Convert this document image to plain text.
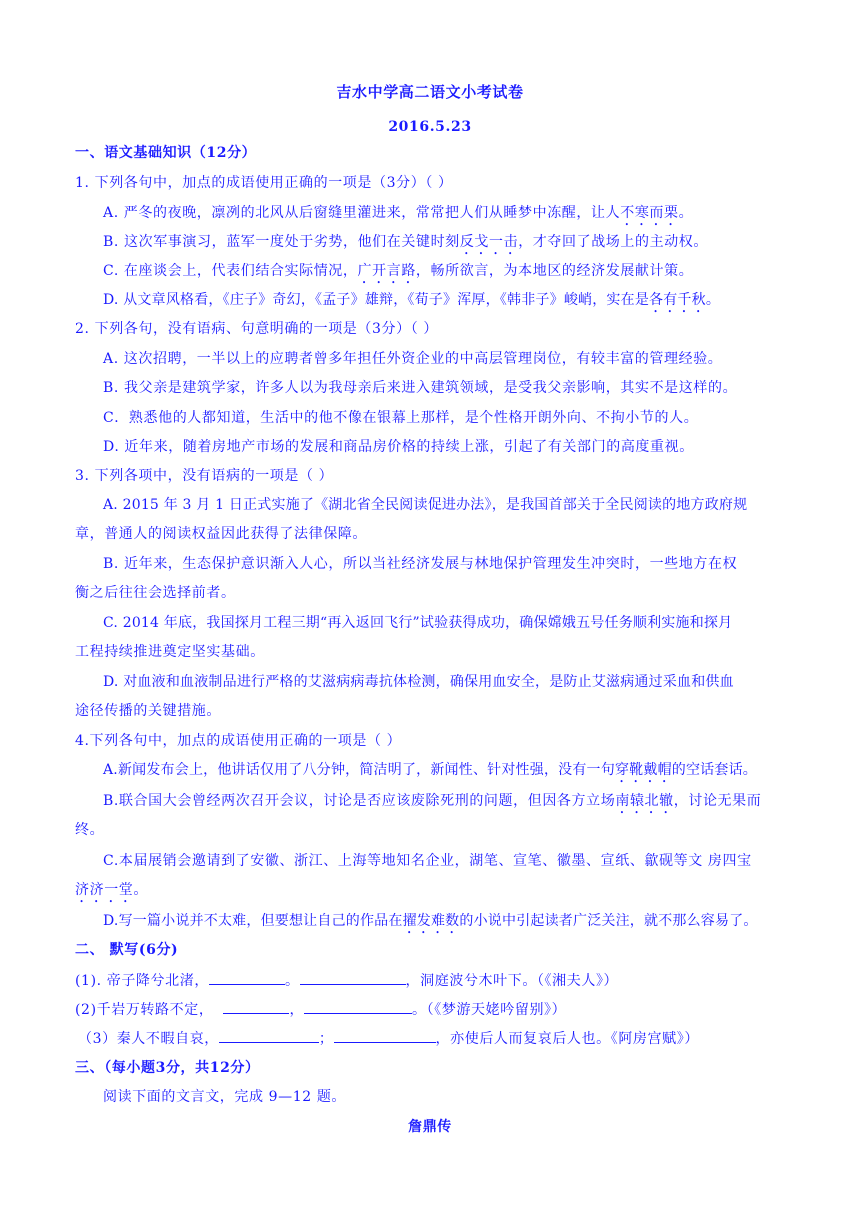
吉水中学高二语文小考试卷
2016.5.23
一、语文基础知识（12分）
1. 下列各句中，加点的成语使用正确的一项是（3分）（ ）
A. 严冬的夜晚，凛冽的北风从后窗缝里灌进来，常常把人们从睡梦中冻醒，让人不寒而栗。
B. 这次军事演习，蓝军一度处于劣势，他们在关键时刻反戈一击，才夺回了战场上的主动权。
C. 在座谈会上，代表们结合实际情况，广开言路，畅所欲言，为本地区的经济发展献计策。
D. 从文章风格看，《庄子》奇幻，《孟子》雄辩，《荀子》浑厚，《韩非子》峻峭，实在是各有千秋。
2. 下列各句，没有语病、句意明确的一项是（3分）（ ）
A. 这次招聘，一半以上的应聘者曾多年担任外资企业的中高层管理岗位，有较丰富的管理经验。
B. 我父亲是建筑学家，许多人以为我母亲后来进入建筑领域，是受我父亲影响，其实不是这样的。
C．熟悉他的人都知道，生活中的他不像在银幕上那样，是个性格开朗外向、不拘小节的人。
D. 近年来，随着房地产市场的发展和商品房价格的持续上涨，引起了有关部门的高度重视。
3. 下列各项中，没有语病的一项是（ ）
A. 2015 年 3 月 1 日正式实施了《湖北省全民阅读促进办法》，是我国首部关于全民阅读的地方政府规
章，普通人的阅读权益因此获得了法律保障。
B. 近年来，生态保护意识渐入人心，所以当社经济发展与林地保护管理发生冲突时，一些地方在权
衡之后往往会选择前者。
C. 2014 年底，我国探月工程三期“再入返回飞行”试验获得成功，确保嫦娥五号任务顺利实施和探月
工程持续推进奠定坚实基础。
D. 对血液和血液制品进行严格的艾滋病病毒抗体检测，确保用血安全，是防止艾滋病通过采血和供血
途径传播的关键措施。
4.下列各句中，加点的成语使用正确的一项是（ ）
A.新闻发布会上，他讲话仅用了八分钟，简洁明了，新闻性、针对性强，没有一句穿靴戴帽的空话套话。
B.联合国大会曾经两次召开会议，讨论是否应该废除死刑的问题，但因各方立场南辕北辙，讨论无果而
终。
C.本届展销会邀请到了安徽、浙江、上海等地知名企业，湖笔、宣笔、徽墨、宣纸、歙砚等文 房四宝
济济一堂。
D.写一篇小说并不太难，但要想让自己的作品在擢发难数的小说中引起读者广泛关注，就不那么容易了。
二、 默写(6分)
(1). 帝子降兮北渚，	。	，洞庭波兮木叶下。（《湘夫人》）
(2)千岩万转路不定，	，	。（《梦游天姥吟留别》）
（3）秦人不暇自哀，	；	，亦使后人而复哀后人也。《阿房宫赋》）
三、（每小题3分，共12分）
阅读下面的文言文，完成 9—12 题。
詹鼎传
